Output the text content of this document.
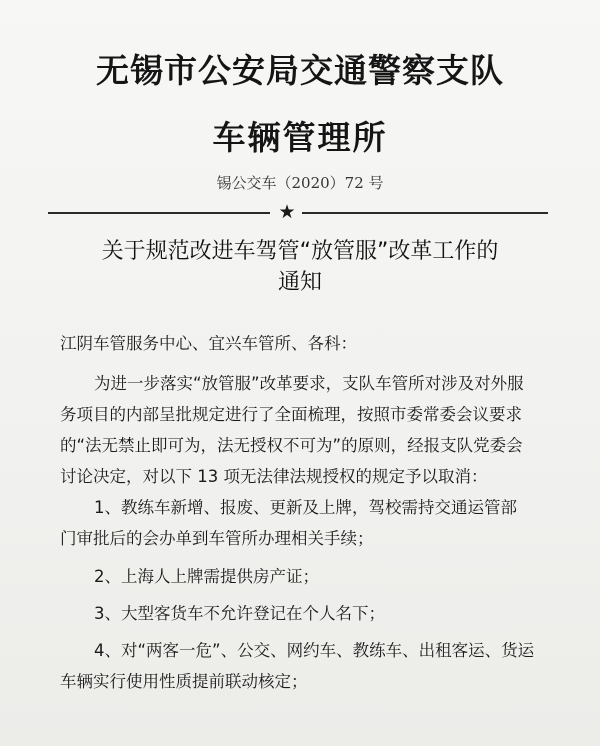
无锡市公安局交通警察支队
车辆管理所
锡公交车（2020）72 号
★
关于规范改进车驾管“放管服”改革工作的
通知
江阴车管服务中心、宜兴车管所、各科：
为进一步落实“放管服”改革要求，支队车管所对涉及对外服
务项目的内部呈批规定进行了全面梳理，按照市委常委会议要求
的“法无禁止即可为，法无授权不可为”的原则，经报支队党委会
讨论决定，对以下 13 项无法律法规授权的规定予以取消：
1、教练车新增、报废、更新及上牌，驾校需持交通运管部
门审批后的会办单到车管所办理相关手续；
2、上海人上牌需提供房产证；
3、大型客货车不允许登记在个人名下；
4、对“两客一危”、公交、网约车、教练车、出租客运、货运
车辆实行使用性质提前联动核定；
